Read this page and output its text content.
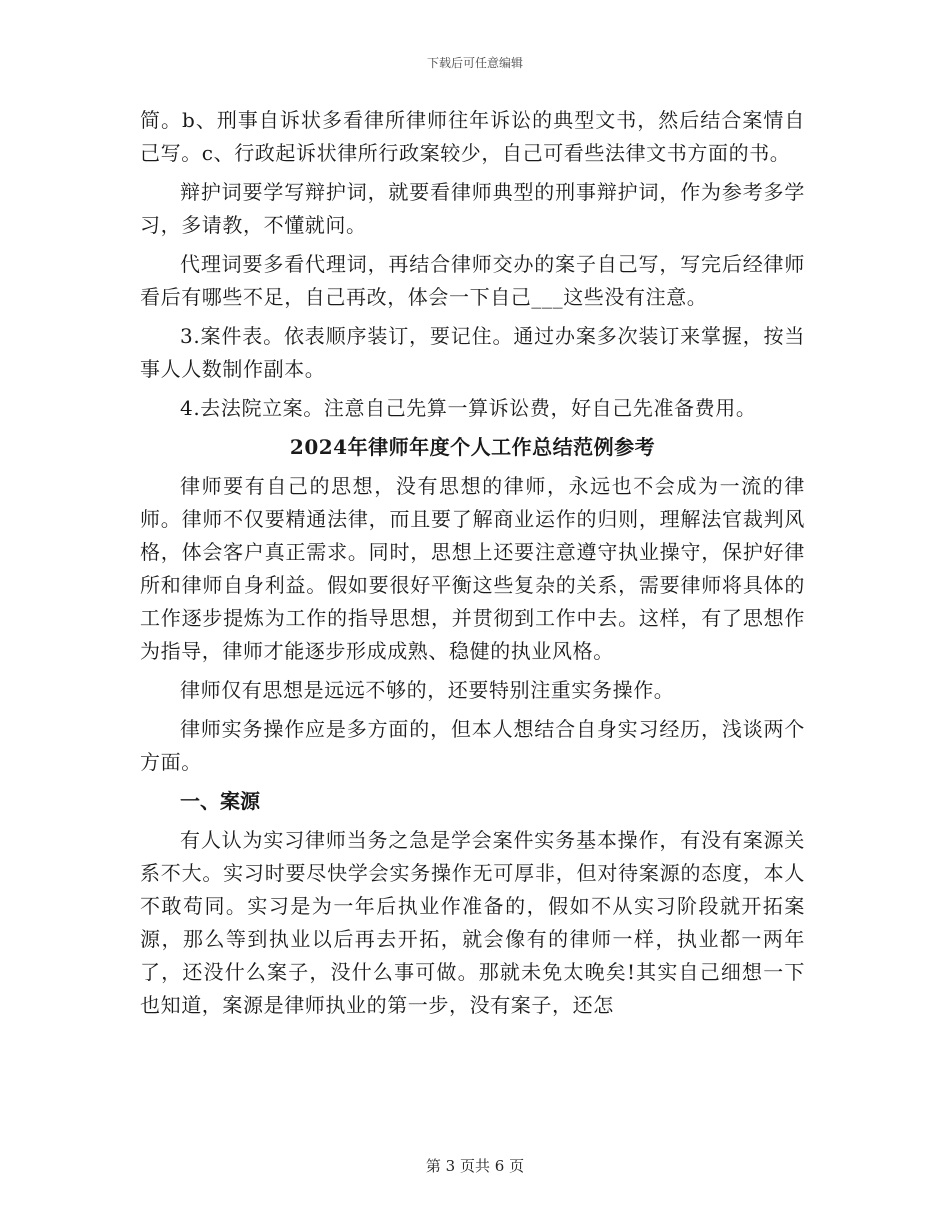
下载后可任意编辑

简。b、刑事自诉状多看律所律师往年诉讼的典型文书，然后结合案情自己写。c、行政起诉状律所行政案较少，自己可看些法律文书方面的书。

辩护词要学写辩护词，就要看律师典型的刑事辩护词，作为参考多学习，多请教，不懂就问。

代理词要多看代理词，再结合律师交办的案子自己写，写完后经律师看后有哪些不足，自己再改，体会一下自己___这些没有注意。

3.案件表。依表顺序装订，要记住。通过办案多次装订来掌握，按当事人人数制作副本。

4.去法院立案。注意自己先算一算诉讼费，好自己先准备费用。

2024年律师年度个人工作总结范例参考

律师要有自己的思想，没有思想的律师，永远也不会成为一流的律师。律师不仅要精通法律，而且要了解商业运作的归则，理解法官裁判风格，体会客户真正需求。同时，思想上还要注意遵守执业操守，保护好律所和律师自身利益。假如要很好平衡这些复杂的关系，需要律师将具体的工作逐步提炼为工作的指导思想，并贯彻到工作中去。这样，有了思想作为指导，律师才能逐步形成成熟、稳健的执业风格。

律师仅有思想是远远不够的，还要特别注重实务操作。

律师实务操作应是多方面的，但本人想结合自身实习经历，浅谈两个方面。

一、案源

有人认为实习律师当务之急是学会案件实务基本操作，有没有案源关系不大。实习时要尽快学会实务操作无可厚非，但对待案源的态度，本人不敢苟同。实习是为一年后执业作准备的，假如不从实习阶段就开拓案源，那么等到执业以后再去开拓，就会像有的律师一样，执业都一两年了，还没什么案子，没什么事可做。那就未免太晚矣!其实自己细想一下也知道，案源是律师执业的第一步，没有案子，还怎

第 3 页共 6 页
